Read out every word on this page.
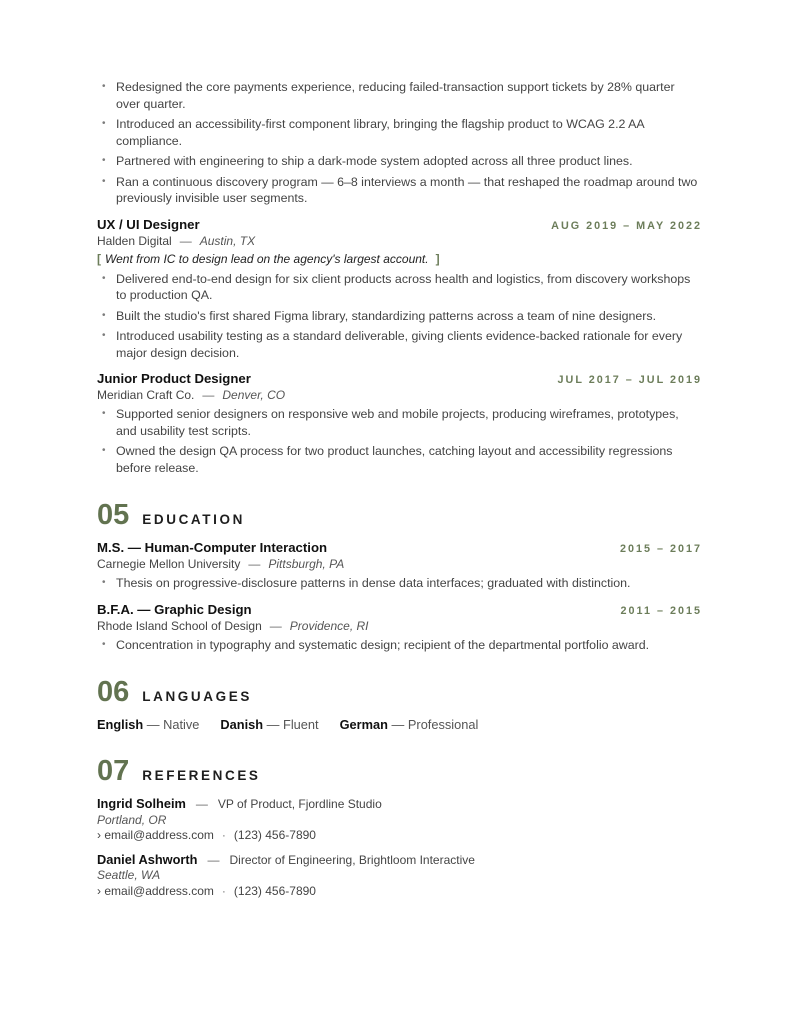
• Redesigned the core payments experience, reducing failed-transaction support tickets by 28% quarter over quarter.
• Introduced an accessibility-first component library, bringing the flagship product to WCAG 2.2 AA compliance.
• Partnered with engineering to ship a dark-mode system adopted across all three product lines.
• Ran a continuous discovery program — 6–8 interviews a month — that reshaped the roadmap around two previously invisible user segments.
UX / UI Designer	AUG 2019 – MAY 2022
Halden Digital — Austin, TX
[ Went from IC to design lead on the agency's largest account. ]
• Delivered end-to-end design for six client products across health and logistics, from discovery workshops to production QA.
• Built the studio's first shared Figma library, standardizing patterns across a team of nine designers.
• Introduced usability testing as a standard deliverable, giving clients evidence-backed rationale for every major design decision.
Junior Product Designer	JUL 2017 – JUL 2019
Meridian Craft Co. — Denver, CO
• Supported senior designers on responsive web and mobile projects, producing wireframes, prototypes, and usability test scripts.
• Owned the design QA process for two product launches, catching layout and accessibility regressions before release.
05 EDUCATION
M.S. — Human-Computer Interaction	2015 – 2017
Carnegie Mellon University — Pittsburgh, PA
• Thesis on progressive-disclosure patterns in dense data interfaces; graduated with distinction.
B.F.A. — Graphic Design	2011 – 2015
Rhode Island School of Design — Providence, RI
• Concentration in typography and systematic design; recipient of the departmental portfolio award.
06 LANGUAGES
English — Native Danish — Fluent German — Professional
07 REFERENCES
Ingrid Solheim — VP of Product, Fjordline Studio
Portland, OR
› email@address.com · (123) 456-7890
Daniel Ashworth — Director of Engineering, Brightloom Interactive
Seattle, WA
› email@address.com · (123) 456-7890
